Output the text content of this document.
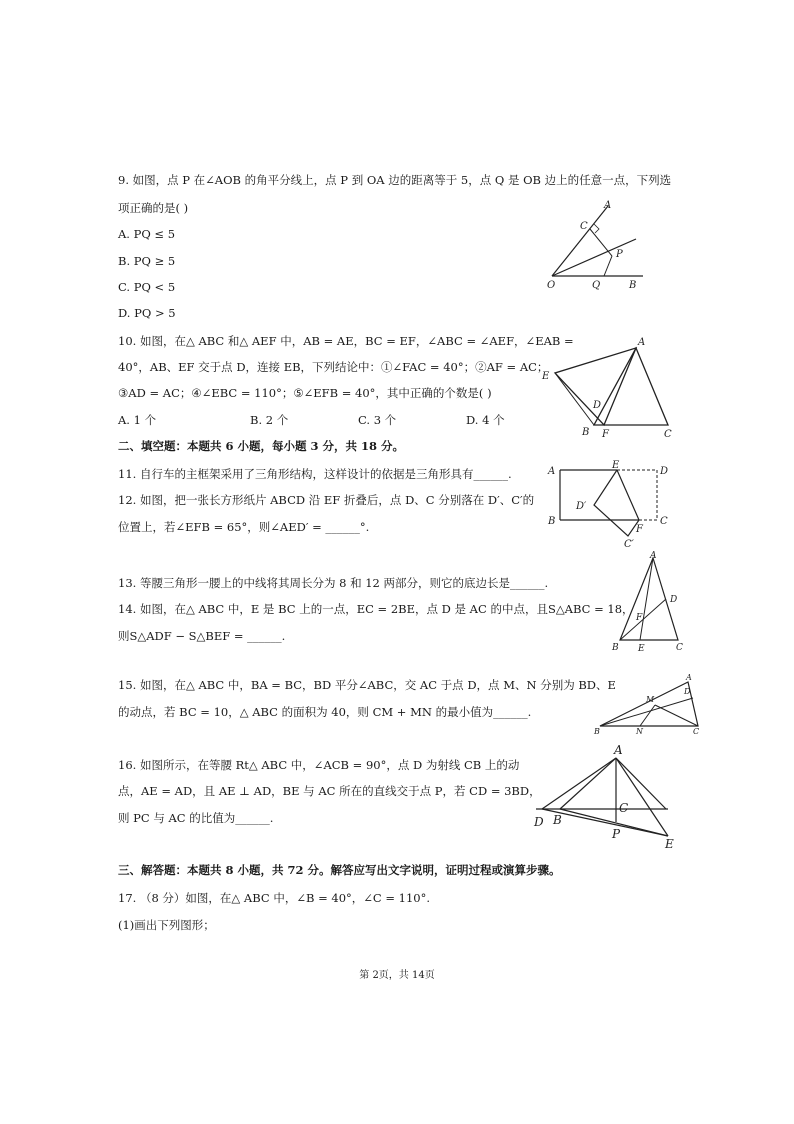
9. 如图，点 P 在∠AOB 的角平分线上，点 P 到 OA 边的距离等于 5，点 Q 是 OB 边上的任意一点，下列选
项正确的是( )
A. PQ ≤ 5
B. PQ ≥ 5
C. PQ < 5
D. PQ > 5
A
C
P
O	Q	B
10. 如图，在△ ABC 和△ AEF 中，AB = AE，BC = EF，∠ABC = ∠AEF，∠EAB =
40°，AB、EF 交于点 D，连接 EB，下列结论中：①∠FAC = 40°；②AF = AC；
③AD = AC；④∠EBC = 110°；⑤∠EFB = 40°，其中正确的个数是( )
A. 1 个	B. 2 个	C. 3 个	D. 4 个
A
E
D
B F	C
二、填空题：本题共 6 小题，每小题 3 分，共 18 分。
11. 自行车的主框架采用了三角形结构，这样设计的依据是三角形具有______.
12. 如图，把一张长方形纸片 ABCD 沿 EF 折叠后，点 D、C 分别落在 D′、C′的
位置上，若∠EFB = 65°，则∠AED′ = ______°.
A
E
D
D′
B
F
C
C′
13. 等腰三角形一腰上的中线将其周长分为 8 和 12 两部分，则它的底边长是______.
14. 如图，在△ ABC 中，E 是 BC 上的一点，EC = 2BE，点 D 是 AC 的中点，且S△ABC = 18，
则S△ADF − S△BEF = ______.
A
D
F
B E	C
15. 如图，在△ ABC 中，BA = BC，BD 平分∠ABC，交 AC 于点 D，点 M、N 分别为 BD、E
的动点，若 BC = 10，△ ABC 的面积为 40，则 CM + MN 的最小值为______.
A
D
M
B	N	C
16. 如图所示，在等腰 Rt△ ABC 中，∠ACB = 90°，点 D 为射线 CB 上的动
点，AE = AD，且 AE ⊥ AD，BE 与 AC 所在的直线交于点 P，若 CD = 3BD，
则 PC 与 AC 的比值为______.
A
D B
C
P
E
三、解答题：本题共 8 小题，共 72 分。解答应写出文字说明，证明过程或演算步骤。
17. （8 分）如图，在△ ABC 中，∠B = 40°，∠C = 110°.
(1)画出下列图形；
第 2页，共 14页
